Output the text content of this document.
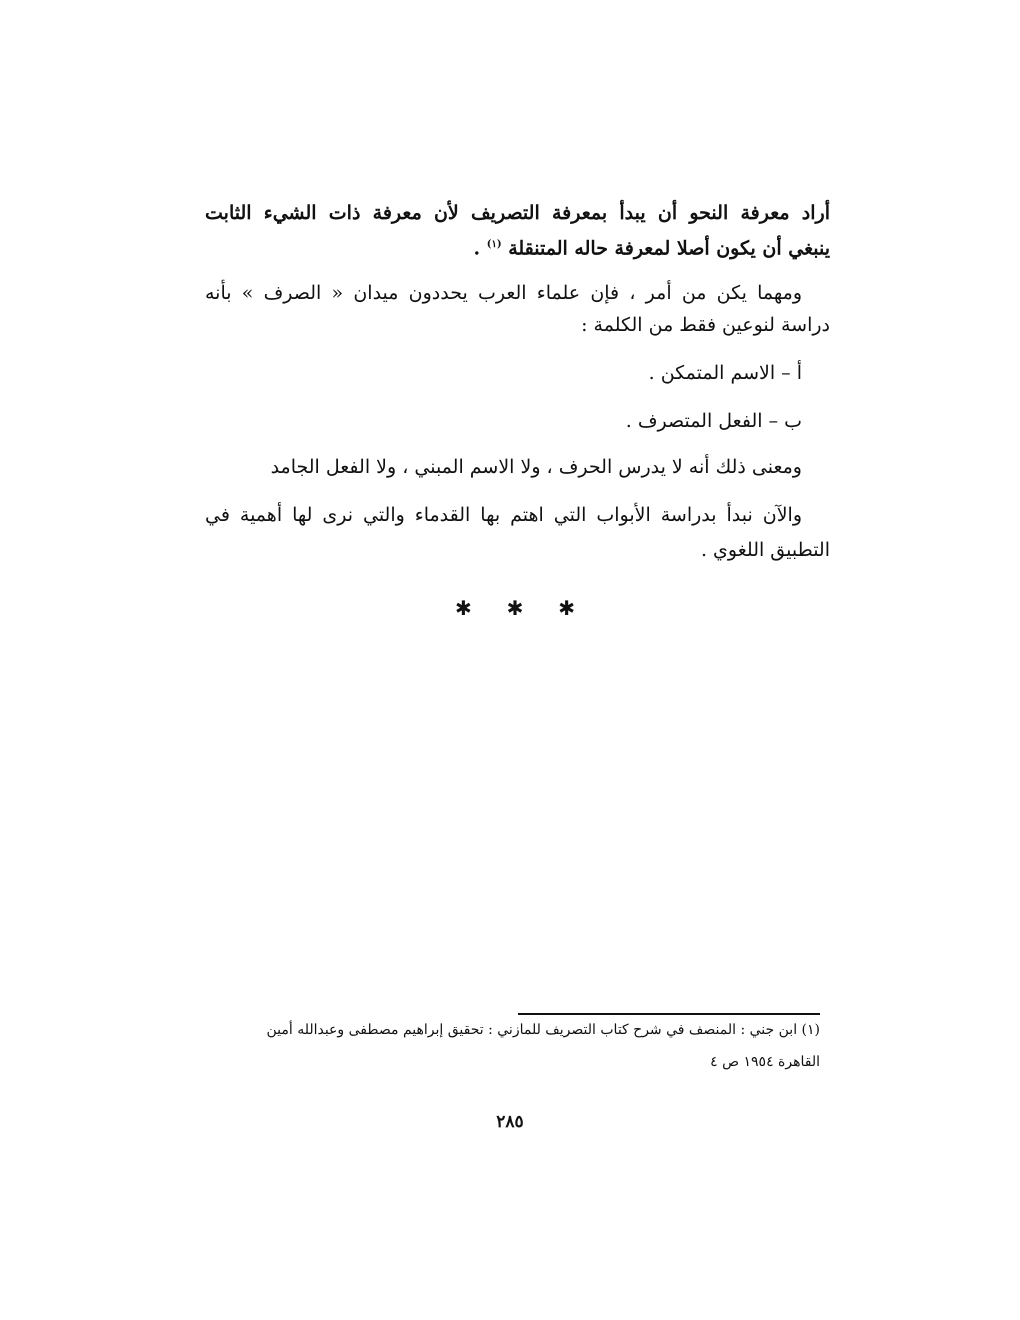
أراد معرفة النحو أن يبدأ بمعرفة التصريف لأن معرفة ذات الشيء الثابت
ينبغي أن يكون أصلا لمعرفة حاله المتنقلة $^{(١)}$ .
ومهما يكن من أمر ، فإن علماء العرب يحددون ميدان « الصرف » بأنه
دراسة لنوعين فقط من الكلمة :
أ – الاسم المتمكن .
ب – الفعل المتصرف .
ومعنى ذلك أنه لا يدرس الحرف ، ولا الاسم المبني ، ولا الفعل الجامد
والآن نبدأ بدراسة الأبواب التي اهتم بها القدماء والتي نرى لها أهمية في
التطبيق اللغوي .
✱ ✱ ✱
(١) ابن جني : المنصف في شرح كتاب التصريف للمازني : تحقيق إبراهيم مصطفى وعبدالله أمين
القاهرة ١٩٥٤ ص ٤
٢٨٥
